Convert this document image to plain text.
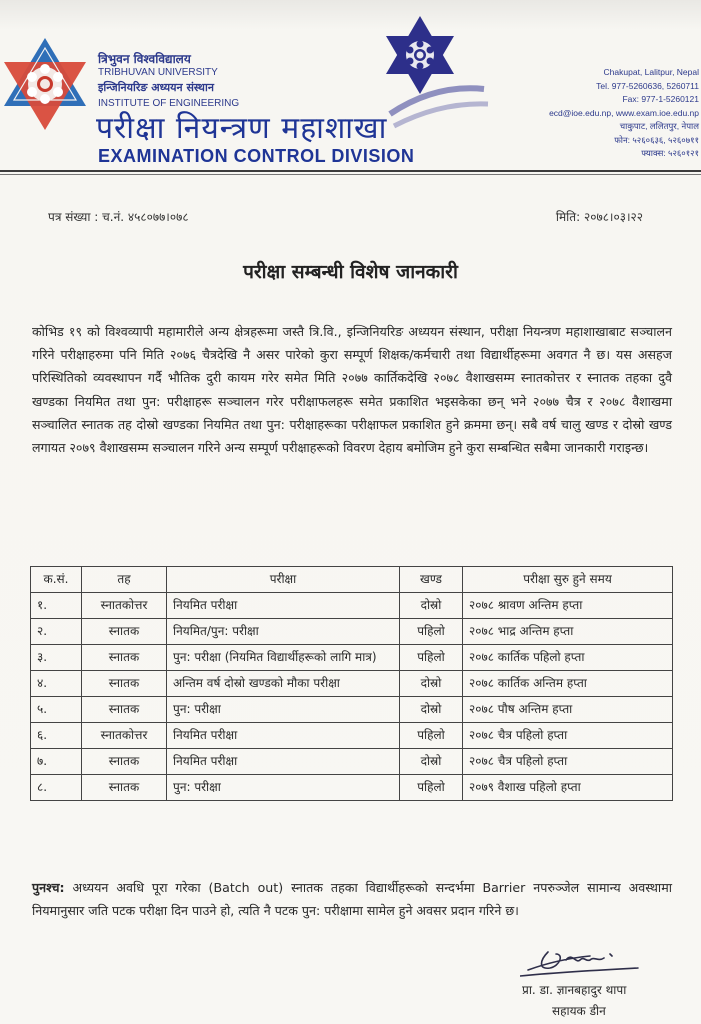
त्रिभुवन विश्वविद्यालय
TRIBHUVAN UNIVERSITY
इन्जिनियरिङ अध्ययन संस्थान
INSTITUTE OF ENGINEERING
परीक्षा नियन्त्रण महाशाखा
EXAMINATION CONTROL DIVISION
Chakupat, Lalitpur, Nepal
Tel. 977-5260636, 5260711
Fax: 977-1-5260121
ecd@ioe.edu.np, www.exam.ioe.edu.np
चाकुपाट, ललितपुर, नेपाल
फोन: ५२६०६३६, ५२६०७११
फ्याक्स: ५२६०१२१
पत्र संख्या : च.नं. ४५८०७७।०७८	मिति: २०७८।०३।२२
परीक्षा सम्बन्धी विशेष जानकारी
कोभिड १९ को विश्वव्यापी महामारीले अन्य क्षेत्रहरूमा जस्तै त्रि.वि., इन्जिनियरिङ अध्ययन संस्थान, परीक्षा नियन्त्रण महाशाखाबाट सञ्चालन गरिने परीक्षाहरुमा पनि मिति २०७६ चैत्रदेखि नै असर पारेको कुरा सम्पूर्ण शिक्षक/कर्मचारी तथा विद्यार्थीहरूमा अवगत नै छ। यस असहज परिस्थितिको व्यवस्थापन गर्दै भौतिक दुरी कायम गरेर समेत मिति २०७७ कार्तिकदेखि २०७८ वैशाखसम्म स्नातकोत्तर र स्नातक तहका दुवै खण्डका नियमित तथा पुन: परीक्षाहरू सञ्चालन गरेर परीक्षाफलहरू समेत प्रकाशित भइसकेका छन् भने २०७७ चैत्र र २०७८ वैशाखमा सञ्चालित स्नातक तह दोस्रो खण्डका नियमित तथा पुन: परीक्षाहरूका परीक्षाफल प्रकाशित हुने क्रममा छन्। सबै वर्ष चालु खण्ड र दोस्रो खण्ड लगायत २०७९ वैशाखसम्म सञ्चालन गरिने अन्य सम्पूर्ण परीक्षाहरूको विवरण देहाय बमोजिम हुने कुरा सम्बन्धित सबैमा जानकारी गराइन्छ।
क.सं.	तह	परीक्षा	खण्ड	परीक्षा सुरु हुने समय
१.	स्नातकोत्तर	नियमित परीक्षा	दोस्रो	२०७८ श्रावण अन्तिम हप्ता
२.	स्नातक	नियमित/पुन: परीक्षा	पहिलो	२०७८ भाद्र अन्तिम हप्ता
३.	स्नातक	पुन: परीक्षा (नियमित विद्यार्थीहरूको लागि मात्र)	पहिलो	२०७८ कार्तिक पहिलो हप्ता
४.	स्नातक	अन्तिम वर्ष दोस्रो खण्डको मौका परीक्षा	दोस्रो	२०७८ कार्तिक अन्तिम हप्ता
५.	स्नातक	पुन: परीक्षा	दोस्रो	२०७८ पौष अन्तिम हप्ता
६.	स्नातकोत्तर	नियमित परीक्षा	पहिलो	२०७८ चैत्र पहिलो हप्ता
७.	स्नातक	नियमित परीक्षा	दोस्रो	२०७८ चैत्र पहिलो हप्ता
८.	स्नातक	पुन: परीक्षा	पहिलो	२०७९ वैशाख पहिलो हप्ता
पुनश्च: अध्ययन अवधि पूरा गरेका (Batch out) स्नातक तहका विद्यार्थीहरूको सन्दर्भमा Barrier नपरुञ्जेल सामान्य अवस्थामा नियमानुसार जति पटक परीक्षा दिन पाउने हो, त्यति नै पटक पुन: परीक्षामा सामेल हुने अवसर प्रदान गरिने छ।
प्रा. डा. ज्ञानबहादुर थापा
सहायक डीन
